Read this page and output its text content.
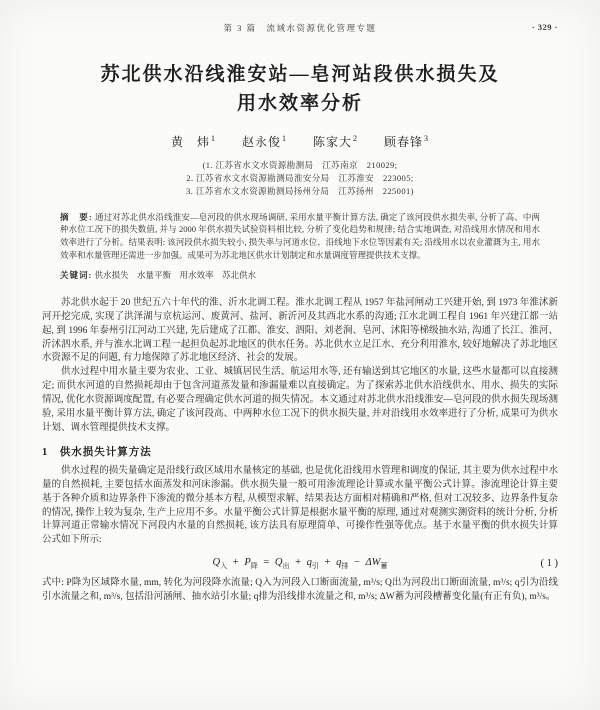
第 3 篇　流域水资源优化管理专题	· 329 ·
苏北供水沿线淮安站—皂河站段供水损失及
用水效率分析
黄　炜$^1$ 赵永俊$^1$ 陈家大$^2$ 顾春锋$^3$
(1. 江苏省水文水资源勘测局　江苏南京　210029;
2. 江苏省水文水资源勘测局淮安分局　江苏淮安　223005;
3. 江苏省水文水资源勘测局扬州分局　江苏扬州　225001)

摘　要: 通过对苏北供水沿线淮安—皂河段的供水现场调研, 采用水量平衡计算方法, 确定了该河段供水损失率, 分析了高、中两种水位工况下的损失数值, 并与 2000 年供水损失试验资料相比较, 分析了变化趋势和规律; 结合实地调查, 对沿线用水情况和用水效率进行了分析。结果表明: 该河段供水损失较小, 损失率与河道水位、沿线地下水位等因素有关; 沿线用水以农业灌溉为主, 用水效率和水量管理还需进一步加强。成果可为苏北地区供水计划制定和水量调度管理提供技术支撑。

关键词: 供水损失　水量平衡　用水效率　苏北供水

苏北供水起于 20 世纪五六十年代的淮、沂水北调工程。淮水北调工程从 1957 年盐河闸动工兴建开始, 到 1973 年淮沭新河开挖完成, 实现了洪泽湖与京杭运河、废黄河、盐河、新沂河及其西北水系的沟通; 江水北调工程自 1961 年兴建江都一站起, 到 1996 年泰州引江河动工兴建, 先后建成了江都、淮安、泗阳、刘老涧、皂河、沭阳等梯级抽水站, 沟通了长江、淮河、沂沭泗水系, 并与淮水北调工程一起担负起苏北地区的供水任务。苏北供水立足江水、充分利用淮水, 较好地解决了苏北地区水资源不足的问题, 有力地保障了苏北地区经济、社会的发展。

供水过程中用水量主要为农业、工业、城镇居民生活、航运用水等, 还有输送到其它地区的水量, 这些水量都可以直接测定; 而供水河道的自然损耗却由于包含河道蒸发量和渗漏量难以直接确定。为了探索苏北供水沿线供水、用水、损失的实际情况, 优化水资源调度配置, 有必要合理确定供水河道的损失情况。本文通过对苏北供水沿线淮安—皂河段的供水损失现场测验, 采用水量平衡计算方法, 确定了该河段高、中两种水位工况下的供水损失量, 并对沿线用水效率进行了分析, 成果可为供水计划、调水管理提供技术支撑。

1　供水损失计算方法

供水过程的损失量确定是沿线行政区域用水量核定的基础, 也是优化沿线用水管理和调度的保证, 其主要为供水过程中水量的自然损耗, 主要包括水面蒸发和河床渗漏。供水损失量一般可用渗流理论计算或水量平衡公式计算。渗流理论计算主要基于各种介质和边界条件下渗流的微分基本方程, 从模型求解、结果表达方面相对精确和严格, 但对工况较多、边界条件复杂的情况, 操作上较为复杂, 生产上应用不多。水量平衡公式计算是根据水量平衡的原理, 通过对观测实测资料的统计分析, 分析计算河道正常输水情况下河段内水量的自然损耗, 该方法具有原理简单、可操作性强等优点。基于水量平衡的供水损失计算公式如下所示:

$Q_入 + P_降 = Q_出 + q_引 + q_排 - \Delta W_蓄$	( 1 )

式中: P降为区域降水量, mm, 转化为河段降水流量; Q入为河段入口断面流量, m³/s; Q出为河段出口断面流量, m³/s; q引为沿线引水流量之和, m³/s, 包括沿河涵闸、抽水站引水量; q排为沿线排水流量之和, m³/s; ΔW蓄为河段槽蓄变化量(有正有负), m³/s。
